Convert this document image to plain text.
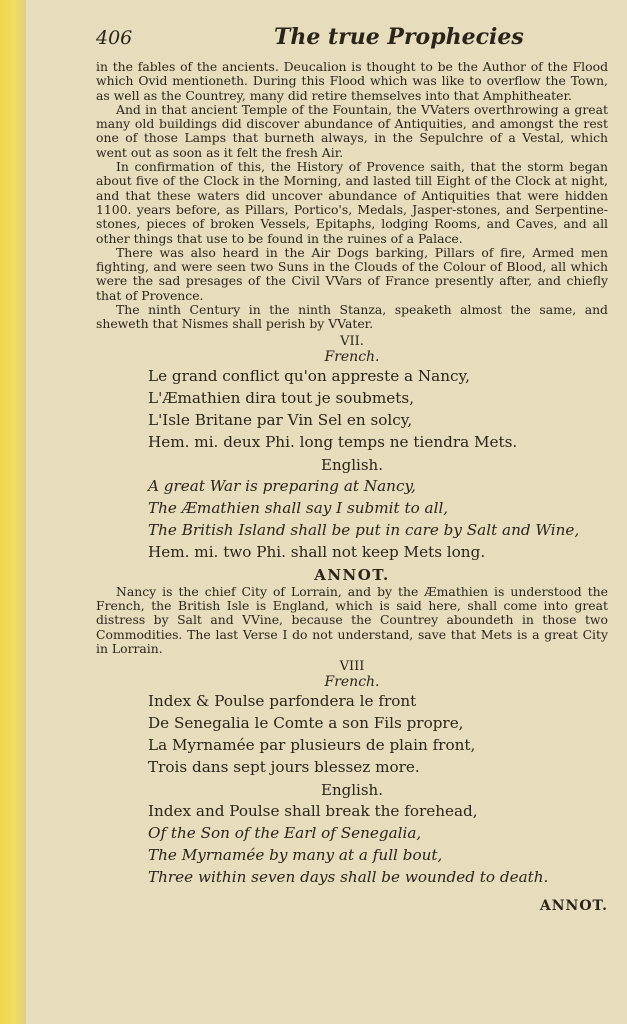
406	The true Prophecies

in the fables of the ancients. Deucalion is thought to be the Author of the Flood which Ovid mentioneth. During this Flood which was like to overflow the Town, as well as the Countrey, many did retire themselves into that Amphitheater.

And in that ancient Temple of the Fountain, the VVaters overthrowing a great many old buildings did discover abundance of Antiquities, and amongst the rest one of those Lamps that burneth always, in the Sepulchre of a Vestal, which went out as soon as it felt the fresh Air.

In confirmation of this, the History of Provence saith, that the storm began about five of the Clock in the Morning, and lasted till Eight of the Clock at night, and that these waters did uncover abundance of Antiquities that were hidden 1100. years before, as Pillars, Portico's, Medals, Jasper-stones, and Serpentine-stones, pieces of broken Vessels, Epitaphs, lodging Rooms, and Caves, and all other things that use to be found in the ruines of a Palace.

There was also heard in the Air Dogs barking, Pillars of fire, Armed men fighting, and were seen two Suns in the Clouds of the Colour of Blood, all which were the sad presages of the Civil VVars of France presently after, and chiefly that of Provence.

The ninth Century in the ninth Stanza, speaketh almost the same, and sheweth that Nismes shall perish by VVater.

VII.
French.
Le grand conflict qu'on appreste a Nancy,
L'Æmathien dira tout je soubmets,
L'Isle Britane par Vin Sel en solcy,
Hem. mi. deux Phi. long temps ne tiendra Mets.
English.
A great War is preparing at Nancy,
The Æmathien shall say I submit to all,
The British Island shall be put in care by Salt and Wine,
Hem. mi. two Phi. shall not keep Mets long.
ANNOT.

Nancy is the chief City of Lorrain, and by the Æmathien is understood the French, the British Isle is England, which is said here, shall come into great distress by Salt and VVine, because the Countrey aboundeth in those two Commodities. The last Verse I do not understand, save that Mets is a great City in Lorrain.

VIII
French.
Index & Poulse parfondera le front
De Senegalia le Comte a son Fils propre,
La Myrnamée par plusieurs de plain front,
Trois dans sept jours blessez more.
English.
Index and Poulse shall break the forehead,
Of the Son of the Earl of Senegalia,
The Myrnamée by many at a full bout,
Three within seven days shall be wounded to death.
ANNOT.
